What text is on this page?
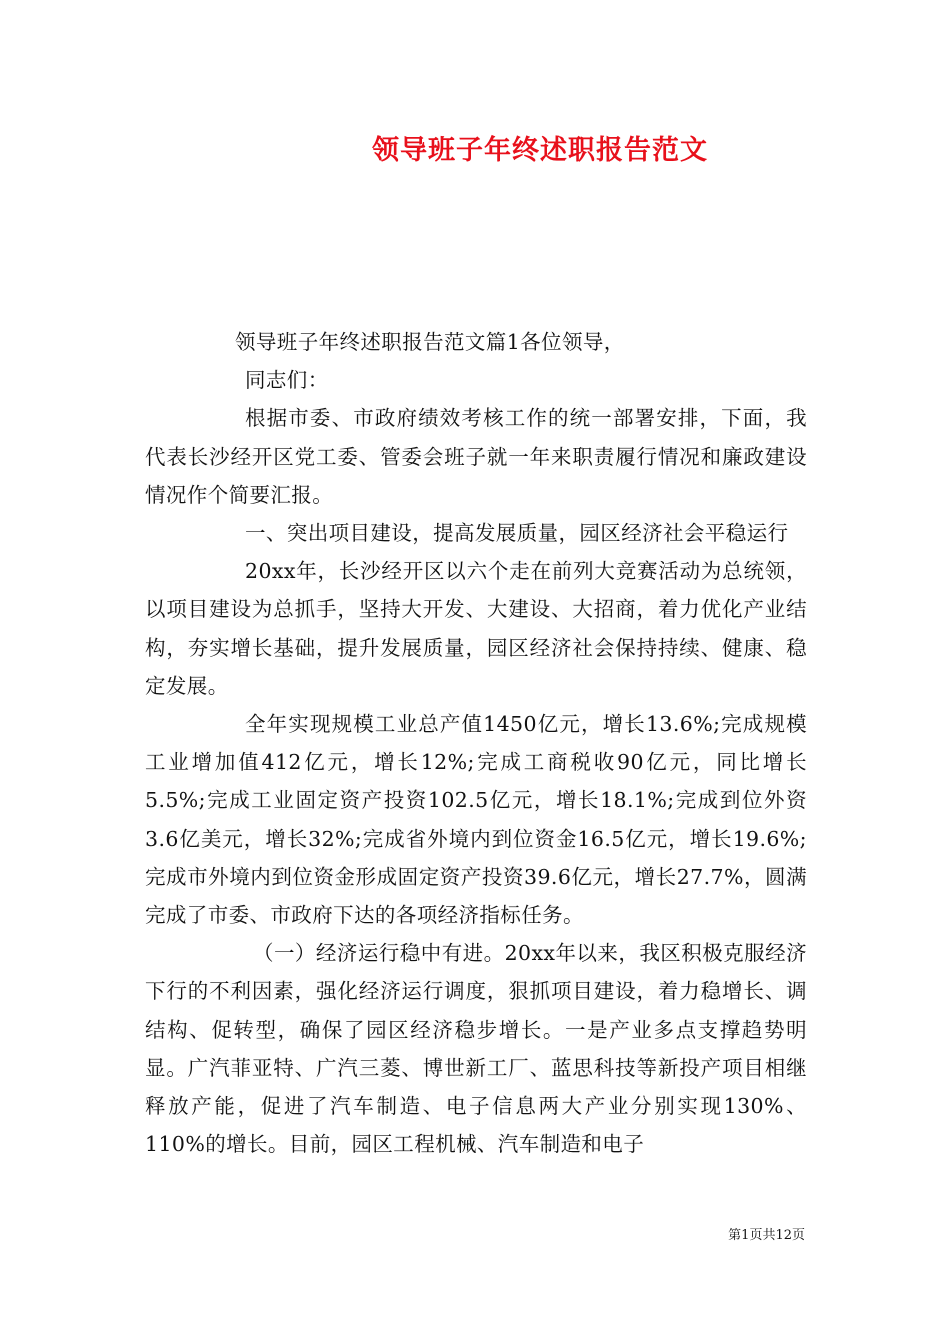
领导班子年终述职报告范文

领导班子年终述职报告范文篇1各位领导，

同志们：

根据市委、市政府绩效考核工作的统一部署安排，下面，我代表长沙经开区党工委、管委会班子就一年来职责履行情况和廉政建设情况作个简要汇报。

一、突出项目建设，提高发展质量，园区经济社会平稳运行

20xx年，长沙经开区以六个走在前列大竞赛活动为总统领，以项目建设为总抓手，坚持大开发、大建设、大招商，着力优化产业结构，夯实增长基础，提升发展质量，园区经济社会保持持续、健康、稳定发展。

全年实现规模工业总产值1450亿元，增长13.6%;完成规模工业增加值412亿元，增长12%;完成工商税收90亿元，同比增长5.5%;完成工业固定资产投资102.5亿元，增长18.1%;完成到位外资3.6亿美元，增长32%;完成省外境内到位资金16.5亿元，增长19.6%;完成市外境内到位资金形成固定资产投资39.6亿元，增长27.7%，圆满完成了市委、市政府下达的各项经济指标任务。

（一）经济运行稳中有进。20xx年以来，我区积极克服经济下行的不利因素，强化经济运行调度，狠抓项目建设，着力稳增长、调结构、促转型，确保了园区经济稳步增长。一是产业多点支撑趋势明显。广汽菲亚特、广汽三菱、博世新工厂、蓝思科技等新投产项目相继释放产能，促进了汽车制造、电子信息两大产业分别实现130%、110%的增长。目前，园区工程机械、汽车制造和电子

第1页共12页
